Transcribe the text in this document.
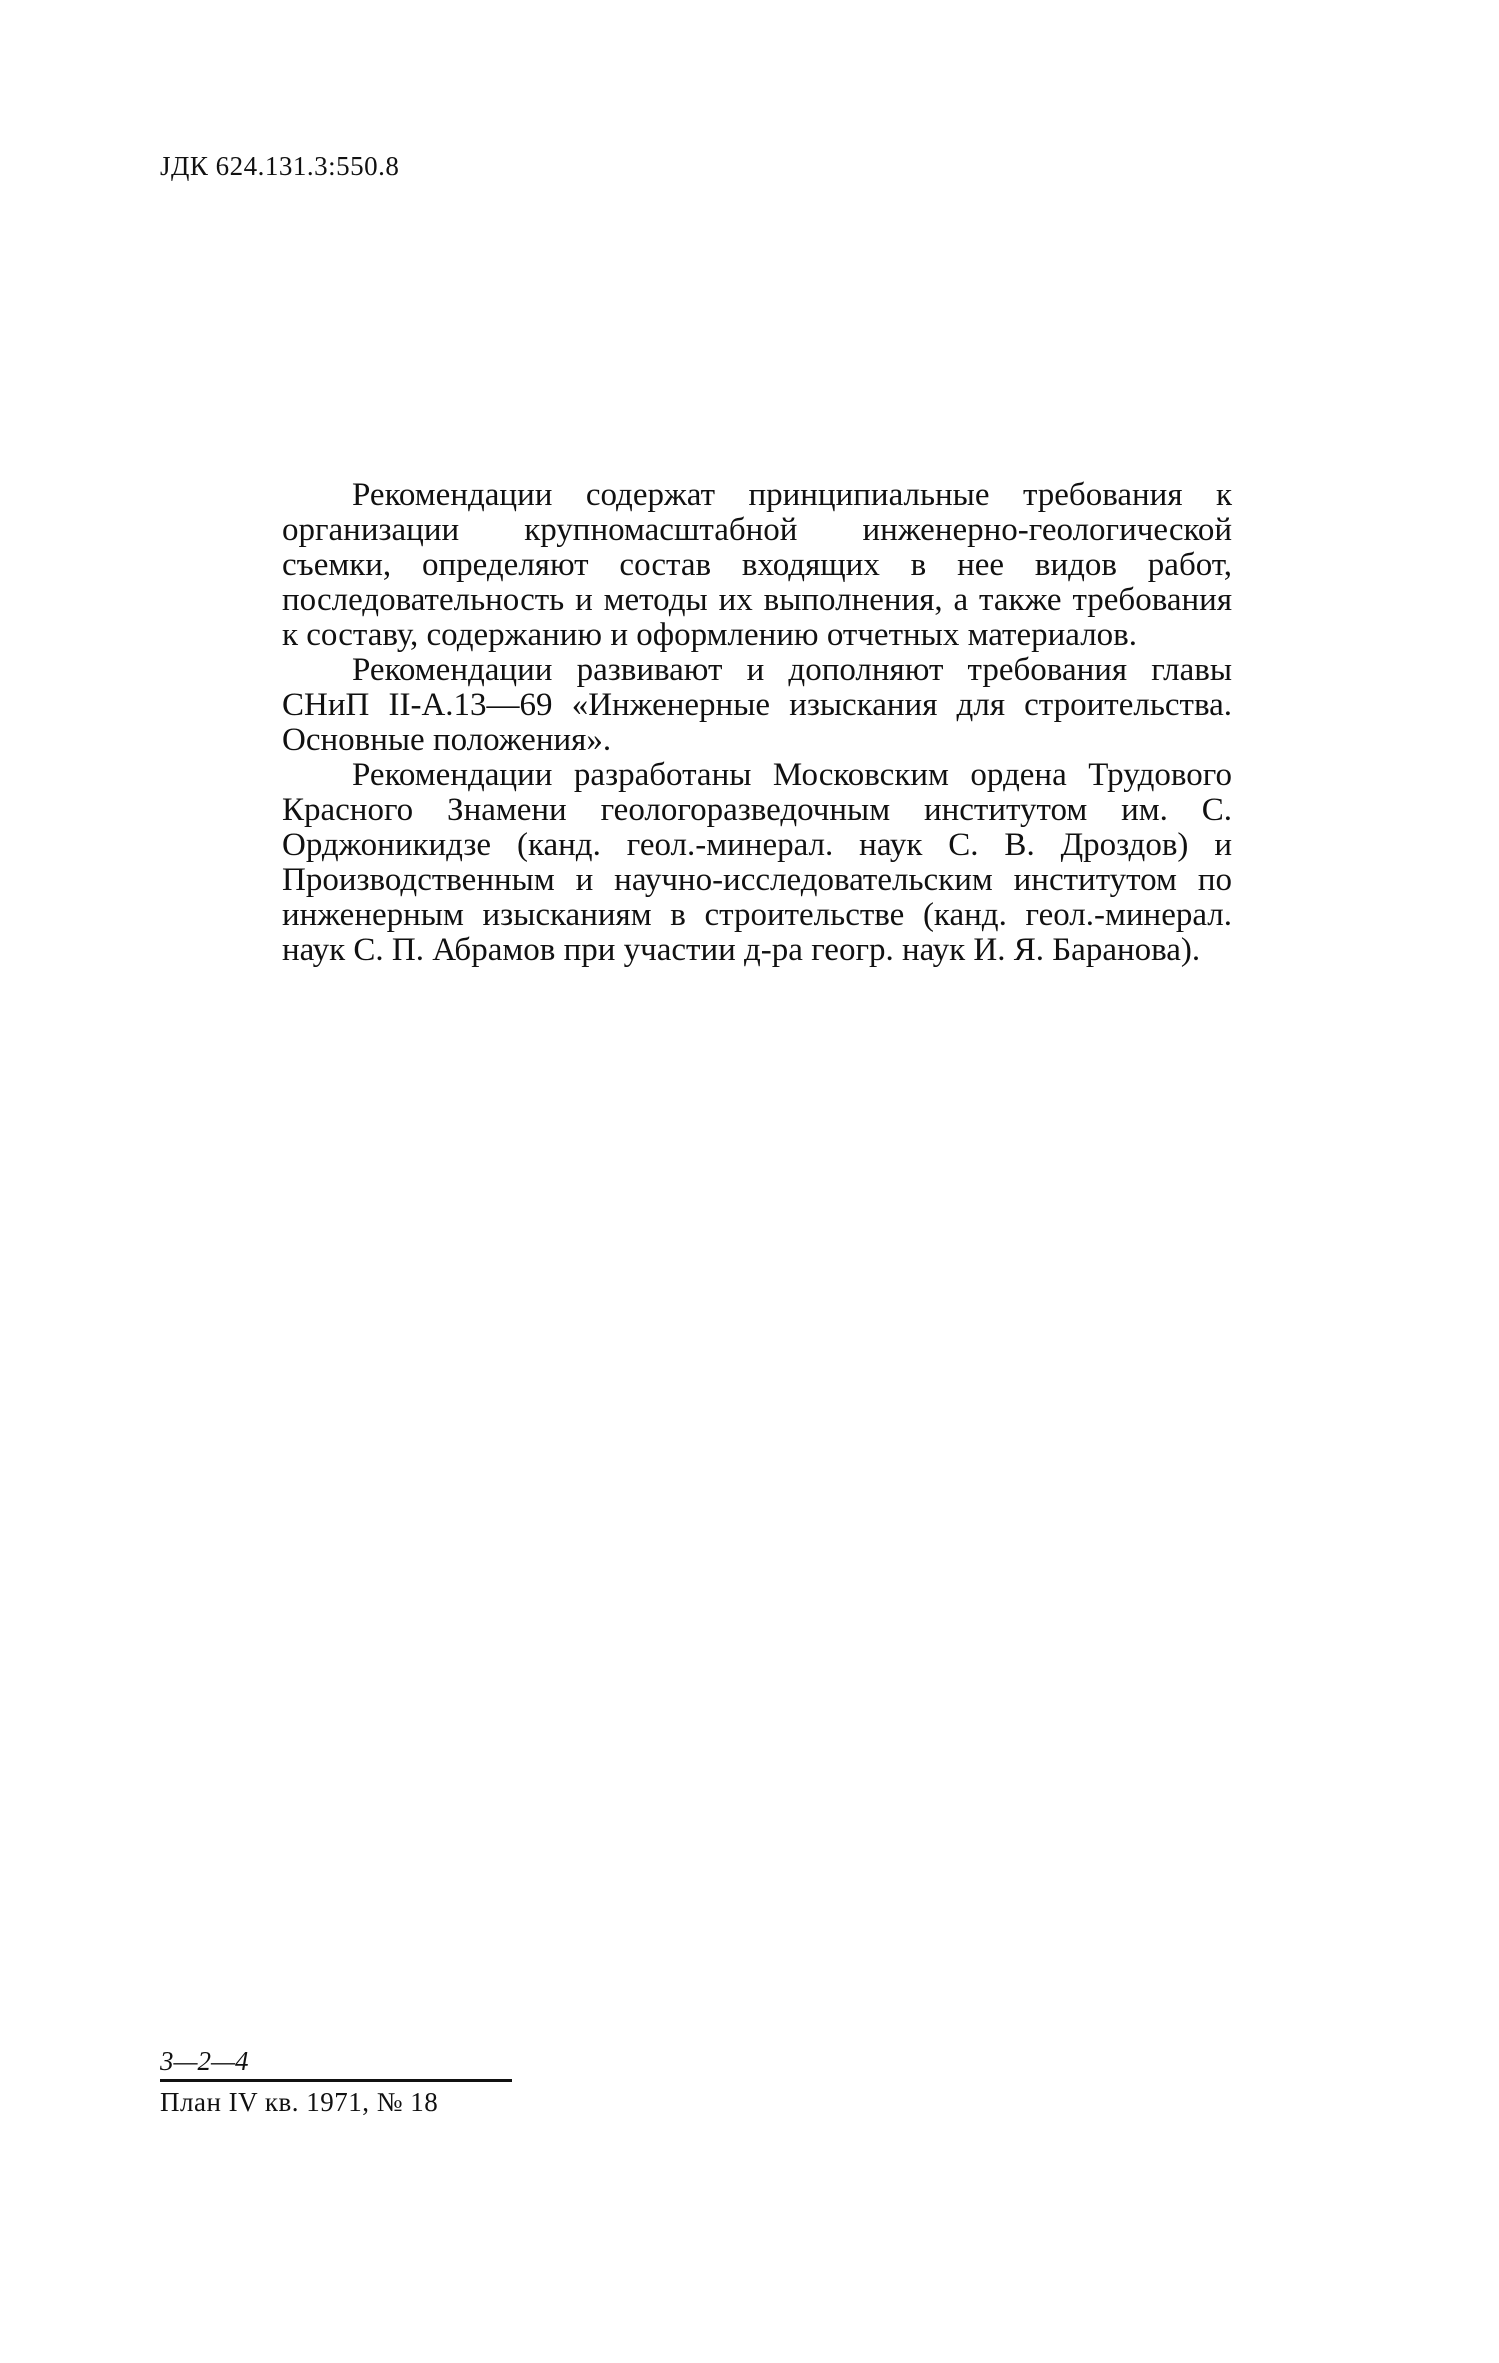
ЈДК 624.131.3:550.8

Рекомендации содержат принципиальные требования к организации крупномасштабной инженерно-геологической съемки, определяют состав входящих в нее видов работ, последовательность и методы их выполнения, а также требования к составу, содержанию и оформлению отчетных материалов.

Рекомендации развивают и дополняют требования главы СНиП II-А.13—69 «Инженерные изыскания для строительства. Основные положения».

Рекомендации разработаны Московским ордена Трудового Красного Знамени геологоразведочным институтом им. С. Орджоникидзе (канд. геол.-минерал. наук С. В. Дроздов) и Производственным и научно-исследовательским институтом по инженерным изысканиям в строительстве (канд. геол.-минерал. наук С. П. Абрамов при участии д-ра геогр. наук И. Я. Баранова).

3—2—4
План IV кв. 1971, № 18
